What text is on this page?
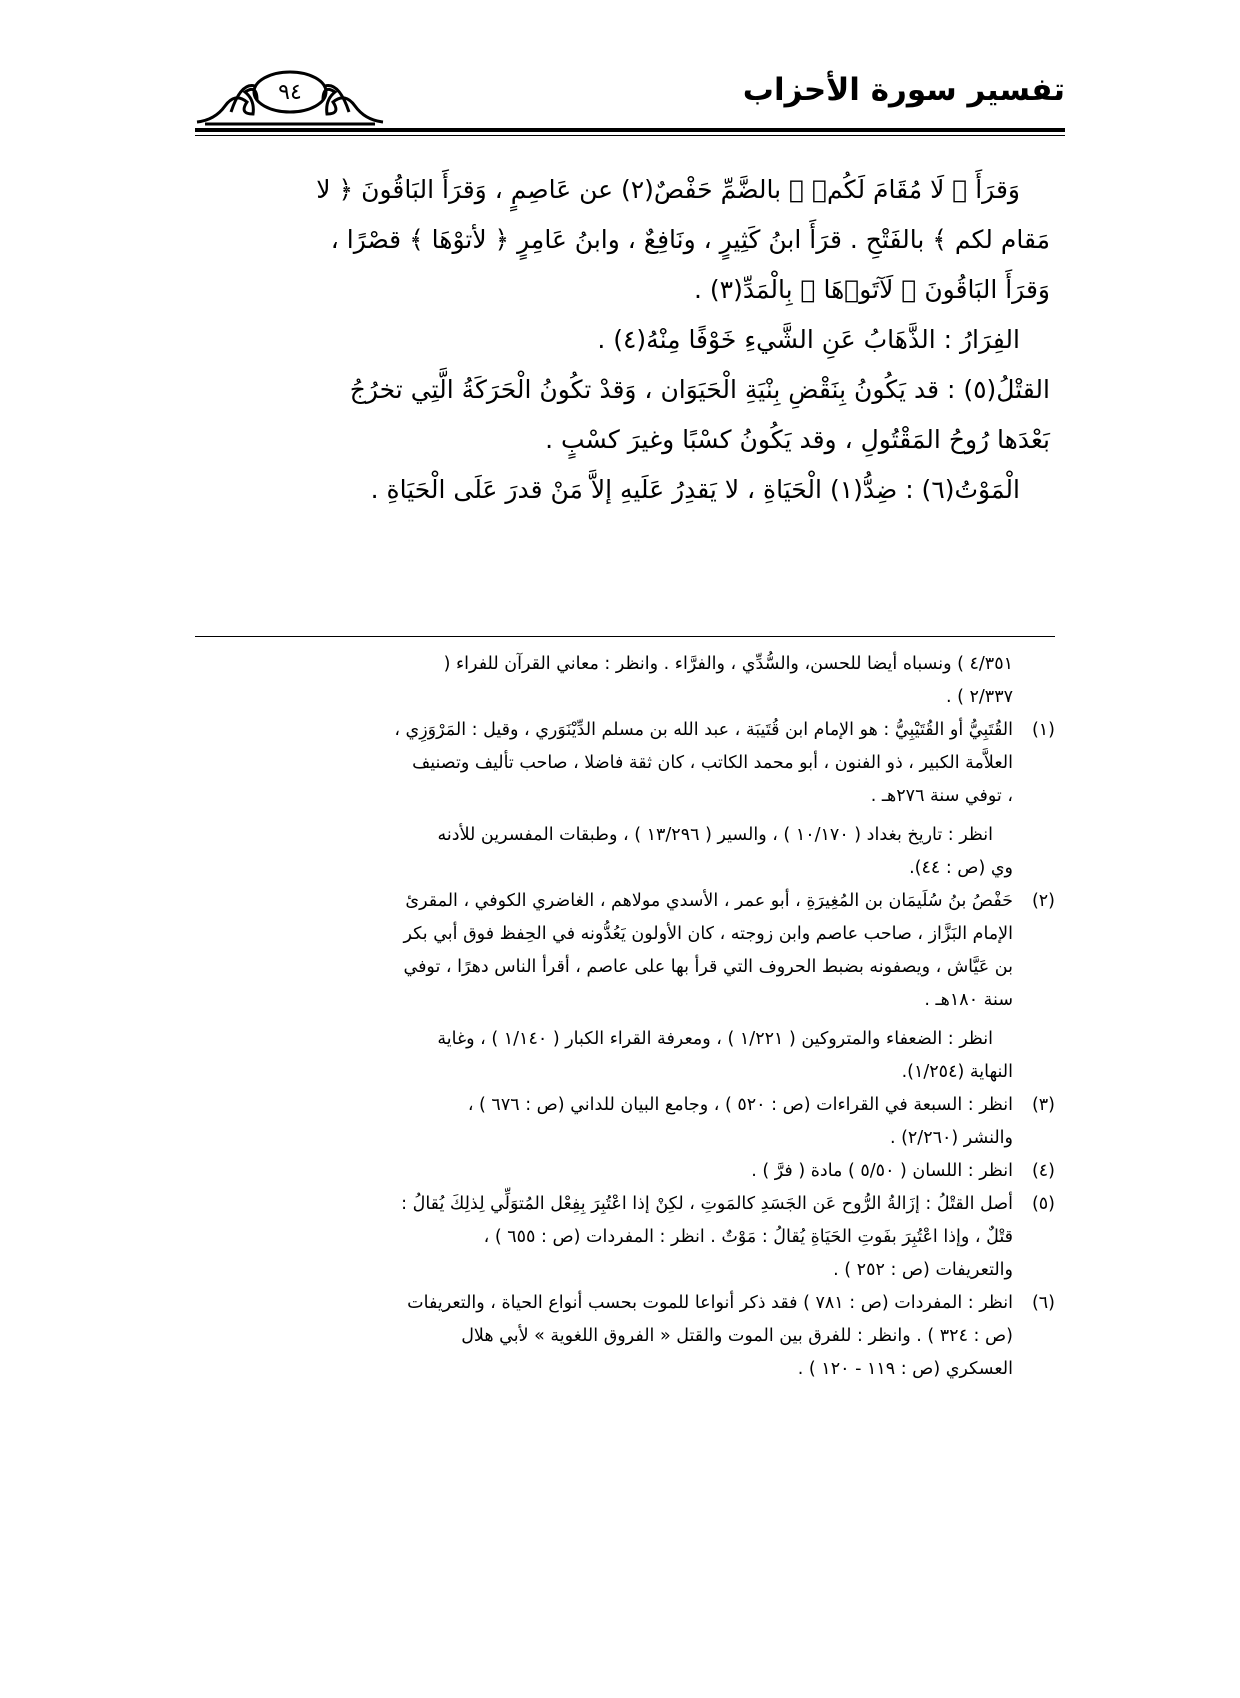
تفسير سورة الأحزاب
٩٤

وَقرَأَ ﴿ لَا مُقَامَ لَكُمۡ ﴾ بالضَّمِّ حَفْصٌ(٢) عن عَاصِمٍ ، وَقرَأَ البَاقُونَ ﴿ لا

مَقام لكم ﴾ بالفَتْحِ . قرَأَ ابنُ كَثِيرٍ ، ونَافِعٌ ، وابنُ عَامِرٍ ﴿ لأتوْهَا ﴾ قصْرًا ،

وَقرَأَ البَاقُونَ ﴿ لَآتَوۡهَا ﴾ بِالْمَدِّ(٣) .

الفِرَارُ : الذَّهَابُ عَنِ الشَّيءِ خَوْفًا مِنْهُ(٤) .

القتْلُ(٥) : قد يَكُونُ بِنَقْضِ بِنْيَةِ الْحَيَوَان ، وَقدْ تكُونُ الْحَرَكَةُ الَّتِي تخرُجُ

بَعْدَها رُوحُ المَقْتُولِ ، وقد يَكُونُ كسْبًا وغيرَ كسْبٍ .

الْمَوْتُ(٦) : ضِدُّ(١) الْحَيَاةِ ، لا يَقدِرُ عَلَيهِ إلاَّ مَنْ قدرَ عَلَى الْحَيَاةِ .

٤/٣٥١ ) ونسباه أيضا للحسن، والسُّدِّي ، والفرَّاء . وانظر : معاني القرآن للفراء (

٢/٣٣٧ ) .

(١)
القُتَبِيُّ أو القُتَيْبِيُّ : هو الإمام ابن قُتَيبَة ، عبد الله بن مسلم الدِّيْنَوَري ، وقيل : المَرْوَزِي ،
العلاَّمة الكبير ، ذو الفنون ، أبو محمد الكاتب ، كان ثقة فاضلا ، صاحب تأليف وتصنيف
، توفي سنة ٢٧٦هـ .
انظر : تاريخ بغداد ( ١٠/١٧٠ ) ، والسير ( ١٣/٢٩٦ ) ، وطبقات المفسرين للأدنه
وي (ص : ٤٤).
(٢)
حَفْصُ بنُ سُلَيمَان بن المُغِيرَةِ ، أبو عمر ، الأسدي مولاهم ، الغاضري الكوفي ، المقرئ
الإمام البَزَّاز ، صاحب عاصم وابن زوجته ، كان الأولون يَعُدُّونه في الحِفظ فوق أبي بكر
بن عَيَّاش ، ويصفونه بضبط الحروف التي قرأ بها على عاصم ، أقرأ الناس دهرًا ، توفي
سنة ١٨٠هـ .
انظر : الضعفاء والمتروكين ( ١/٢٢١ ) ، ومعرفة القراء الكبار ( ١/١٤٠ ) ، وغاية
النهاية (١/٢٥٤).
(٣)
انظر : السبعة في القراءات (ص : ٥٢٠ ) ، وجامع البيان للداني (ص : ٦٧٦ ) ،
والنشر (٢/٢٦٠) .
(٤)
انظر : اللسان ( ٥/٥٠ ) مادة ( فرَّ ) .
(٥)
أصل القتْلُ : إزَالةُ الرُّوح عَن الجَسَدِ كالمَوتِ ، لكِنْ إذا اعْتُبِرَ بِفِعْل المُتوَلِّي لِذلِكَ يُقالُ :
قتْلٌ ، وإذا اعْتُبِرَ بفَوتِ الحَيَاةِ يُقالُ : مَوْتٌ . انظر : المفردات (ص : ٦٥٥ ) ،
والتعريفات (ص : ٢٥٢ ) .
(٦)
انظر : المفردات (ص : ٧٨١ ) فقد ذكر أنواعا للموت بحسب أنواع الحياة ، والتعريفات
(ص : ٣٢٤ ) . وانظر : للفرق بين الموت والقتل « الفروق اللغوية » لأبي هلال
العسكري (ص : ١١٩ - ١٢٠ ) .
